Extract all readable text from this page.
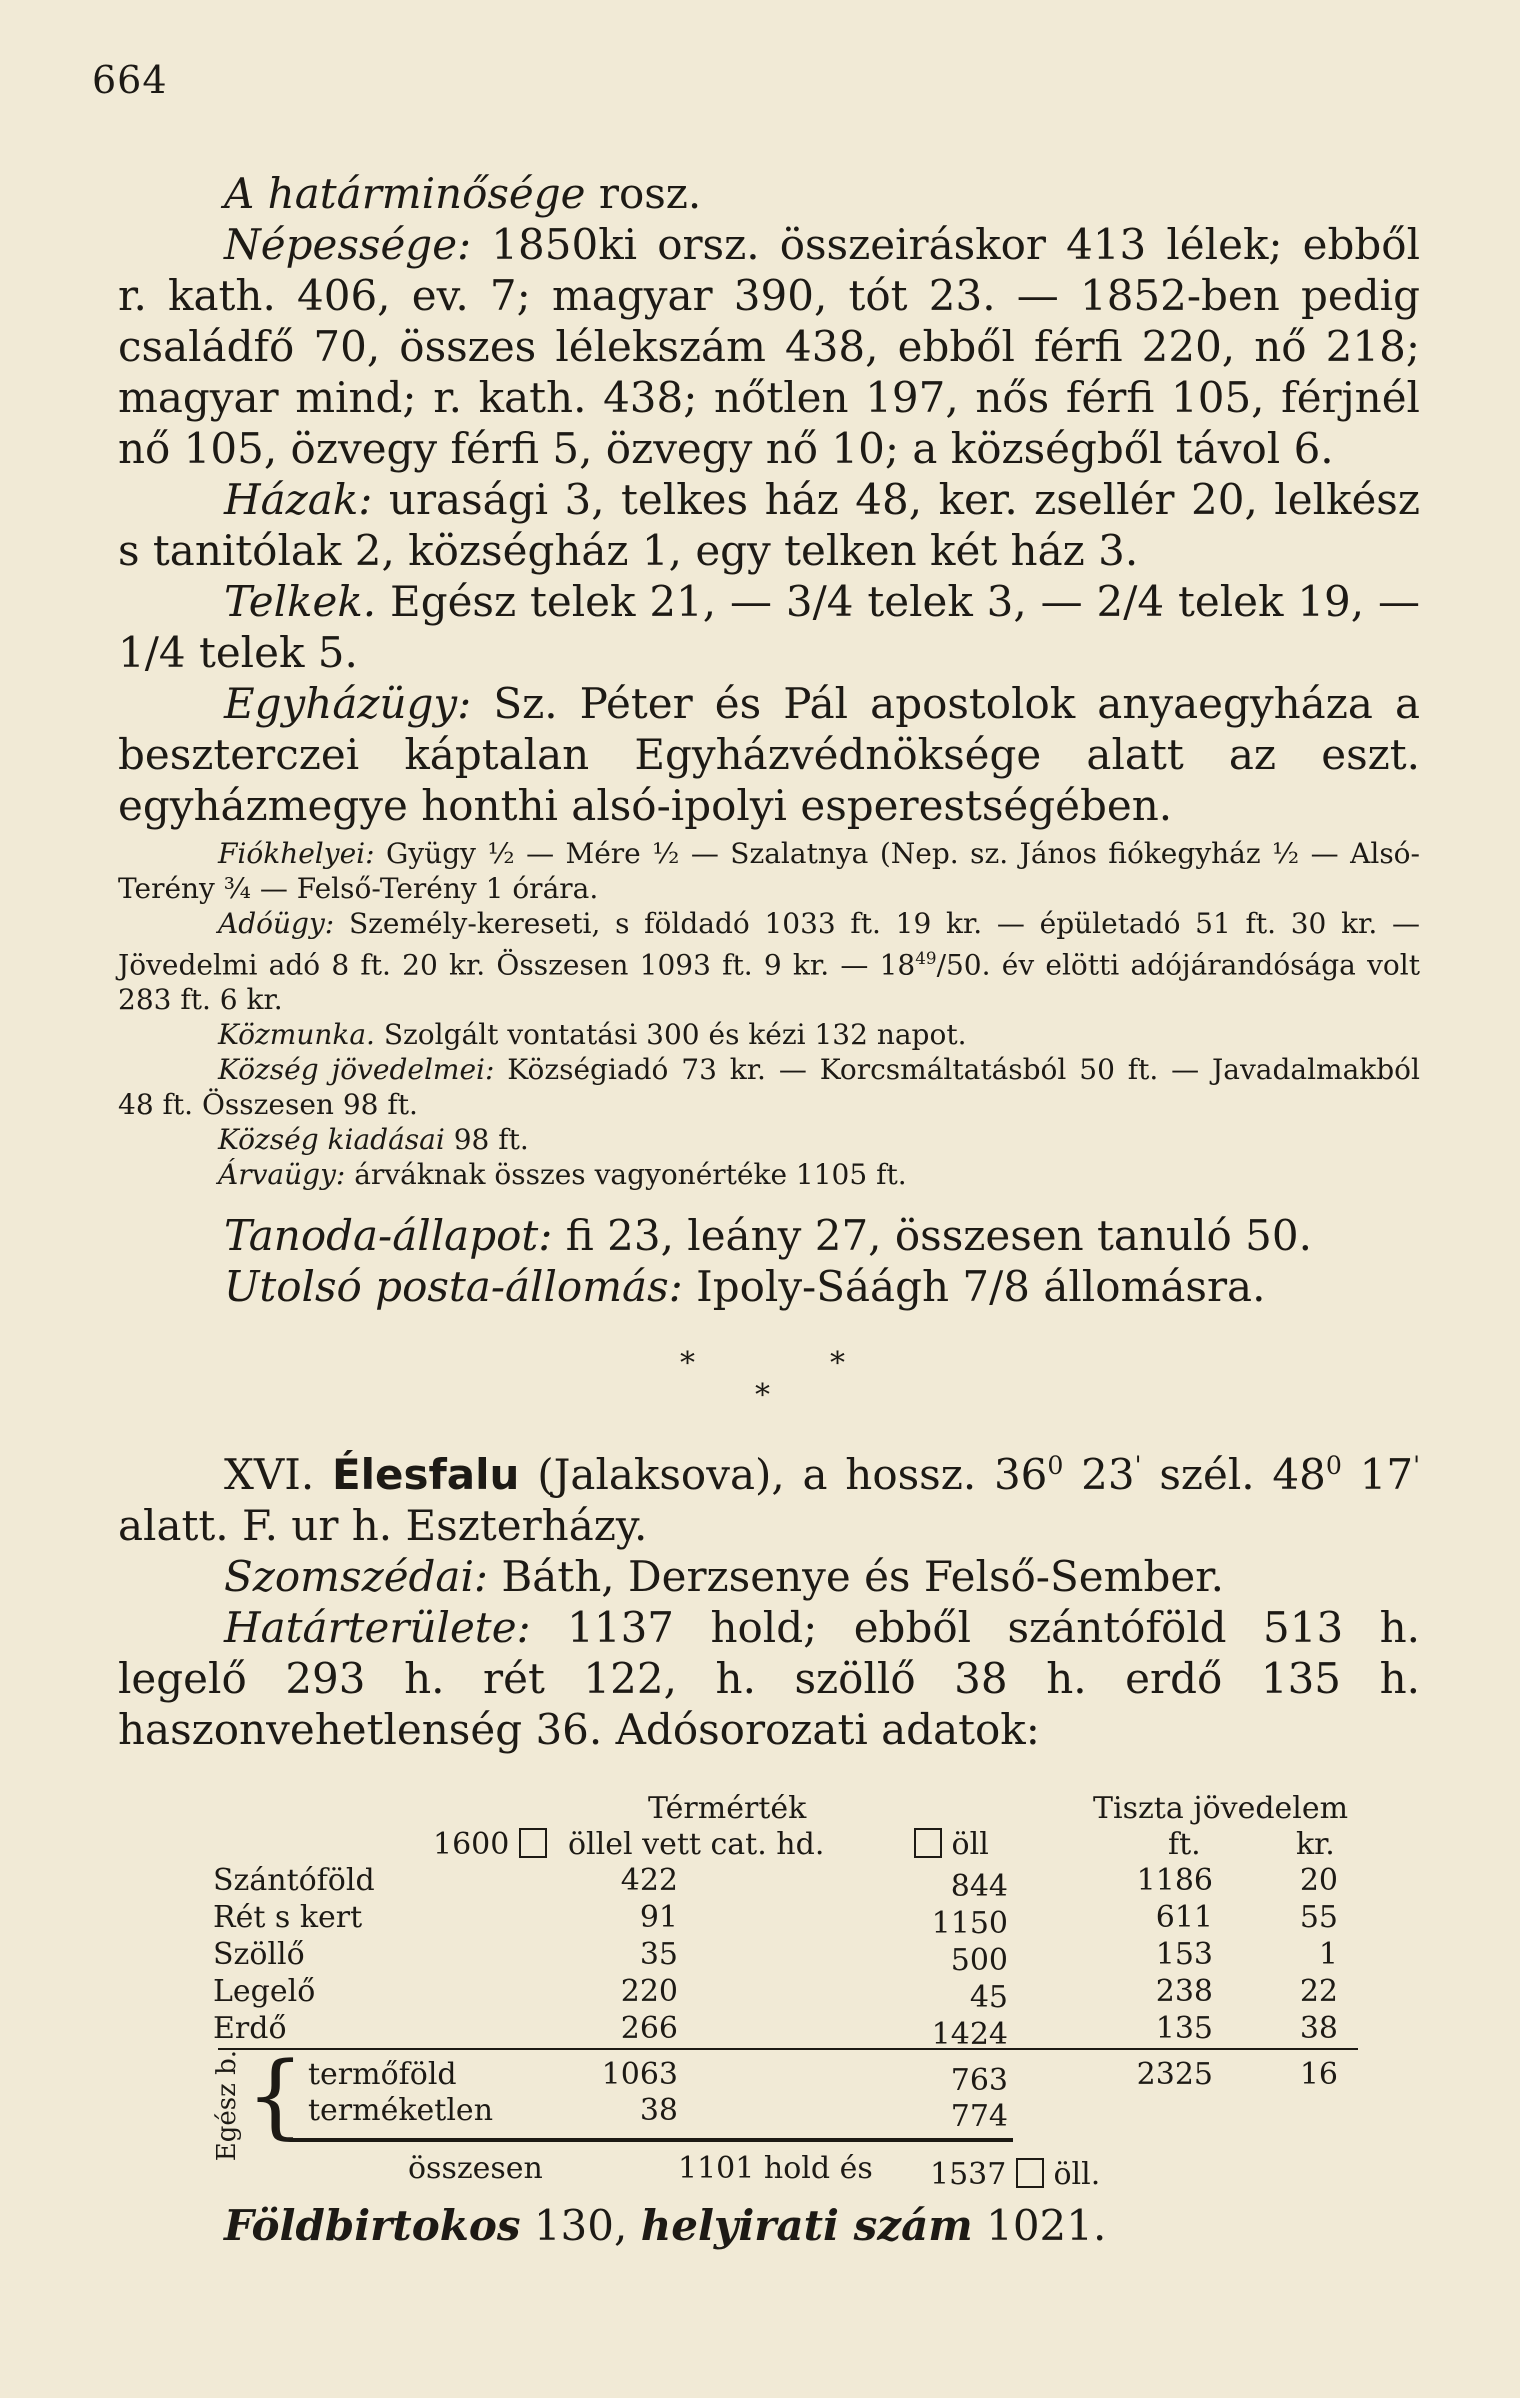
664

A határminősége rosz.

Népessége: 1850ki orsz. összeiráskor 413 lélek; ebből r. kath. 406, ev. 7; magyar 390, tót 23. — 1852-ben pedig családfő 70, összes lélekszám 438, ebből férfi 220, nő 218; magyar mind; r. kath. 438; nőtlen 197, nős férfi 105, férjnél nő 105, özvegy férfi 5, özvegy nő 10; a községből távol 6.

Házak: urasági 3, telkes ház 48, ker. zsellér 20, lelkész s tanitólak 2, községház 1, egy telken két ház 3.

Telkek. Egész telek 21, — 3/4 telek 3, — 2/4 telek 19, — 1/4 telek 5.

Egyházügy: Sz. Péter és Pál apostolok anyaegyháza a beszterczei káptalan Egyházvédnöksége alatt az eszt. egyházmegye honthi alsó-ipolyi esperestségében.

Fiókhelyei: Gyügy ½ — Mére ½ — Szalatnya (Nep. sz. János fiókegyház ½ — Alsó-Terény ¾ — Felső-Terény 1 órára.

Adóügy: Személy-kereseti, s földadó 1033 ft. 19 kr. — épületadó 51 ft. 30 kr. — Jövedelmi adó 8 ft. 20 kr. Összesen 1093 ft. 9 kr. — $18^{49}/50$. év elötti adójárandósága volt 283 ft. 6 kr.

Közmunka. Szolgált vontatási 300 és kézi 132 napot.

Község jövedelmei: Községiadó 73 kr. — Korcsmáltatásból 50 ft. — Javadalmakból 48 ft. Összesen 98 ft.

Község kiadásai 98 ft.

Árvaügy: árváknak összes vagyonértéke 1105 ft.

Tanoda-állapot: fi 23, leány 27, összesen tanuló 50.

Utolsó posta-állomás: Ipoly-Sáágh 7/8 állomásra.

*	*
*

XVI. Élesfalu (Jalaksova), a hossz. $36^0$ 23' szél. $48^0$ 17' alatt. F. ur h. Eszterházy.

Szomszédai: Báth, Derzsenye és Felső-Sember.

Határterülete: 1137 hold; ebből szántóföld 513 h. legelő 293 h. rét 122, h. szöllő 38 h. erdő 135 h. haszonvehetlenség 36. Adósorozati adatok:

Térmérték	Tiszta jövedelem
1600	öllel vett cat. hd.	öll	ft.	kr.
Szántóföld	422	844	1186	20
Rét s kert	91	1150	611	55
Szöllő	35	500	153	1
Legelő	220	45	238	22
Erdő	266	1424	135	38
termőföld	1063	763	2325	16
terméketlen	38	774
összesen	1101 hold és 1537 öll.
Egész b. {

Földbirtokos 130, helyirati szám 1021.
